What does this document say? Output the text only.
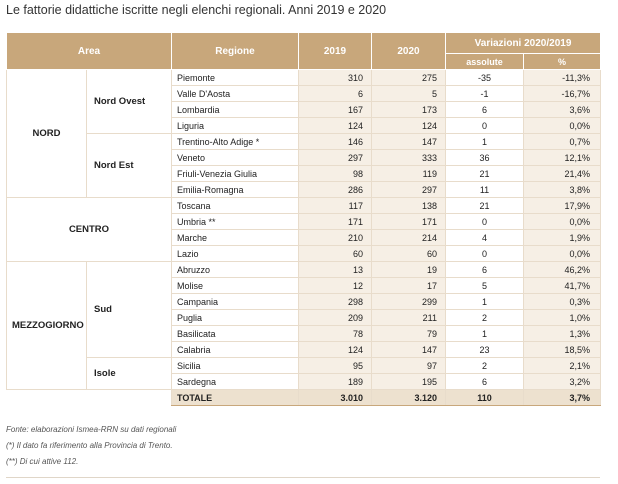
Le fattorie didattiche iscritte negli elenchi regionali. Anni 2019 e 2020
Area		Regione	2019	2020	Variazioni 2020/2019	
					assolute	%
NORD	Nord Ovest	Piemonte	310	275	-35	-11,3%
		Valle D'Aosta	6	5	-1	-16,7%
		Lombardia	167	173	6	3,6%
		Liguria	124	124	0	0,0%
	Nord Est	Trentino-Alto Adige *	146	147	1	0,7%
		Veneto	297	333	36	12,1%
		Friuli-Venezia Giulia	98	119	21	21,4%
		Emilia-Romagna	286	297	11	3,8%
CENTRO		Toscana	117	138	21	17,9%
		Umbria **	171	171	0	0,0%
		Marche	210	214	4	1,9%
		Lazio	60	60	0	0,0%
MEZZOGIORNO	Sud	Abruzzo	13	19	6	46,2%
		Molise	12	17	5	41,7%
		Campania	298	299	1	0,3%
		Puglia	209	211	2	1,0%
		Basilicata	78	79	1	1,3%
		Calabria	124	147	23	18,5%
	Isole	Sicilia	95	97	2	2,1%
		Sardegna	189	195	6	3,2%
		TOTALE	3.010	3.120	110	3,7%
Fonte: elaborazioni Ismea-RRN su dati regionali
(*) Il dato fa riferimento alla Provincia di Trento.
(**) Di cui attive 112.
